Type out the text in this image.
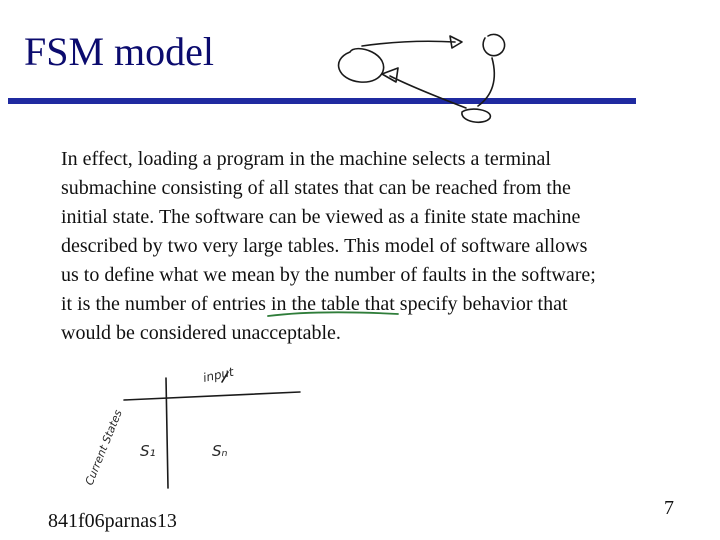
FSM model

In effect, loading a program in the machine selects a terminal submachine consisting of all states that can be reached from the initial state. The software can be viewed as a finite state machine described by two very large tables. This model of software allows us to define what we mean by the number of faults in the software; it is the number of entries in the table that specify behavior that would be considered unacceptable.

input
S₁	Sₙ
Current States
841f06parnas13
7
